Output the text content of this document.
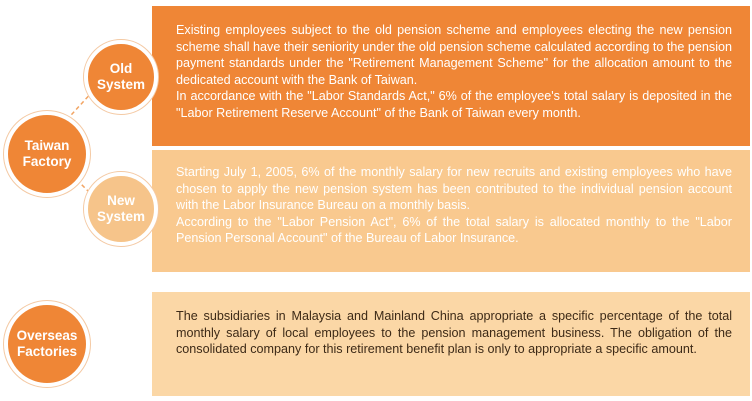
Existing employees subject to the old pension scheme and employees electing the new pension scheme shall have their seniority under the old pension scheme calculated according to the pension payment standards under the "Retirement Management Scheme" for the allocation amount to the dedicated account with the Bank of Taiwan.

In accordance with the "Labor Standards Act," 6% of the employee's total salary is deposited in the "Labor Retirement Reserve Account" of the Bank of Taiwan every month.

Starting July 1, 2005, 6% of the monthly salary for new recruits and existing employees who have chosen to apply the new pension system has been contributed to the individual pension account with the Labor Insurance Bureau on a monthly basis.

According to the "Labor Pension Act", 6% of the total salary is allocated monthly to the "Labor Pension Personal Account" of the Bureau of Labor Insurance.

The subsidiaries in Malaysia and Mainland China appropriate a specific percentage of the total monthly salary of local employees to the pension management business. The obligation of the consolidated company for this retirement benefit plan is only to appropriate a specific amount.

Taiwan
Factory
Old
System
New
System
Overseas
Factories
